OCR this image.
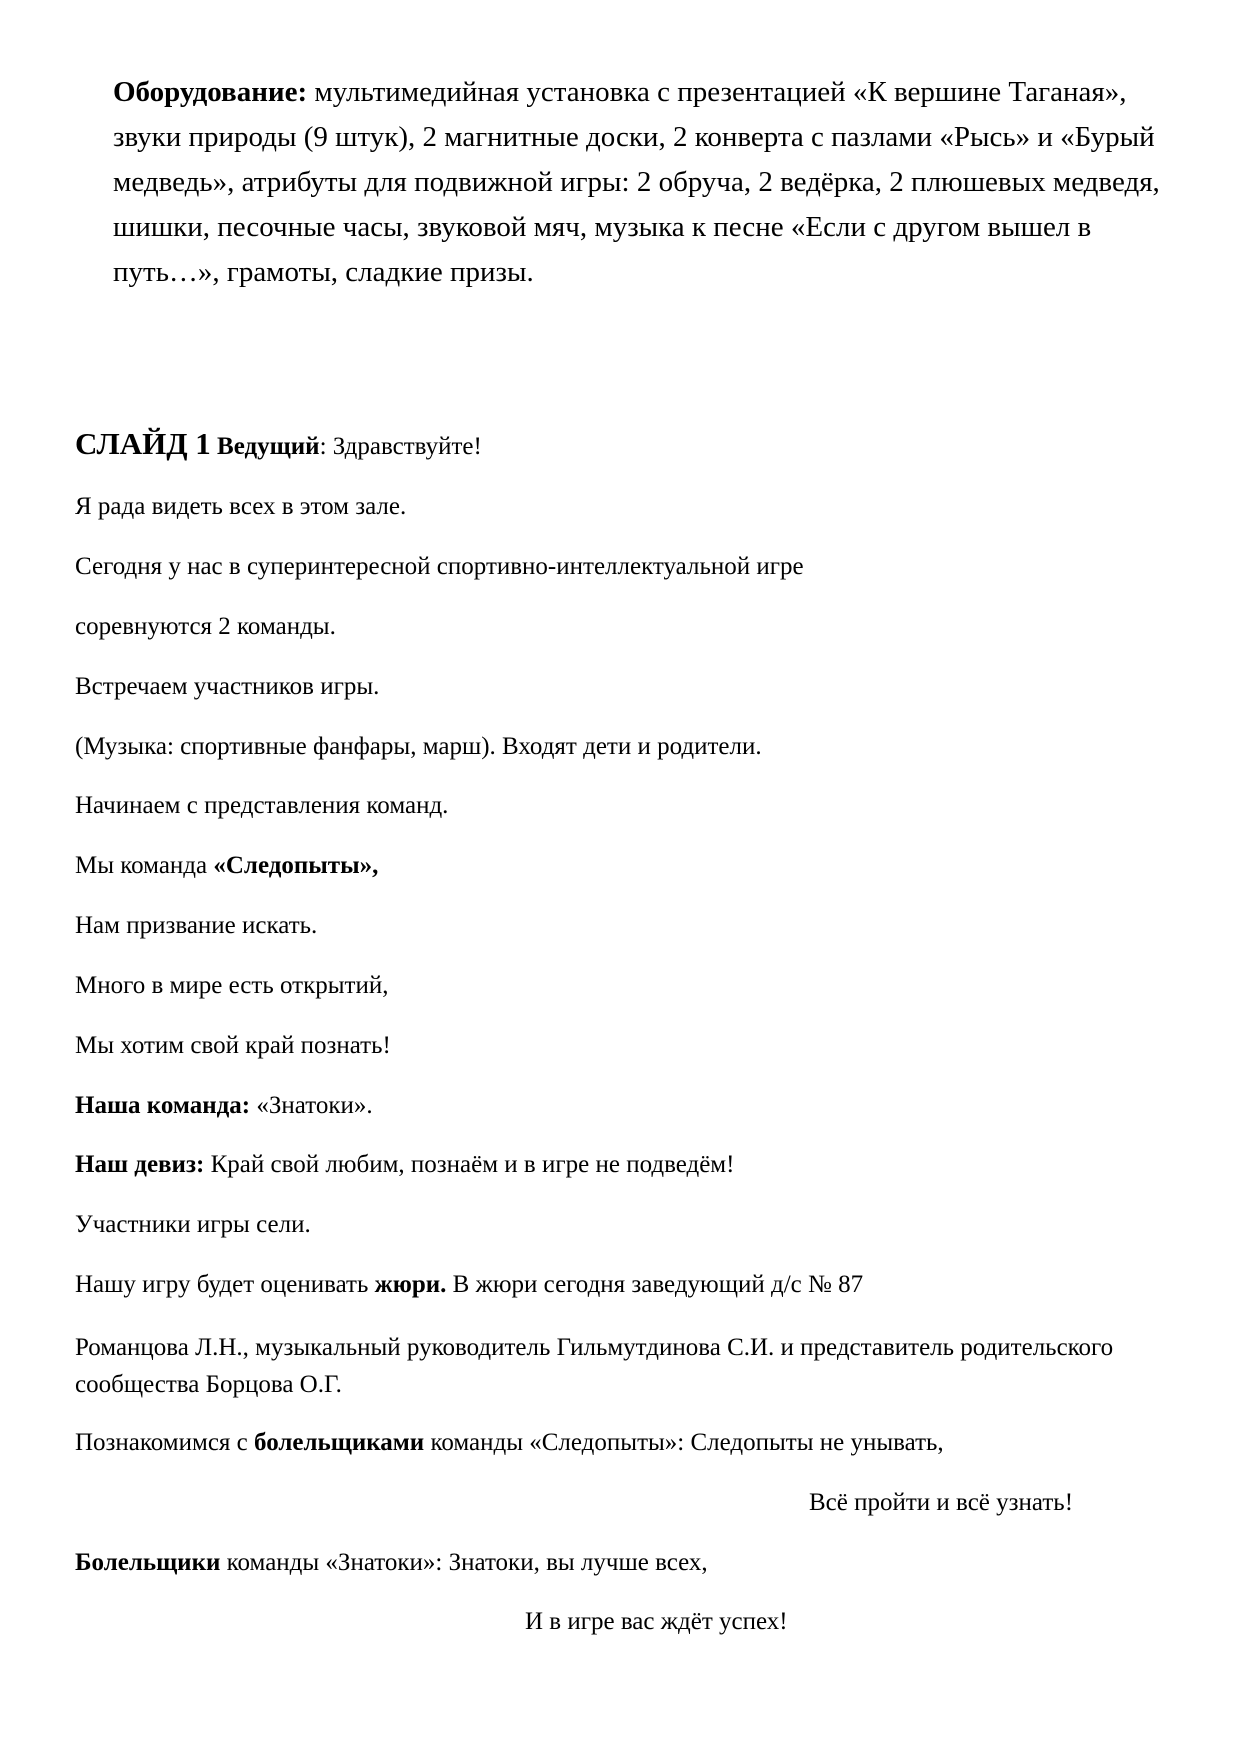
Оборудование: мультимедийная установка с презентацией «К вершине Таганая», звуки природы (9 штук), 2 магнитные доски, 2 конверта с пазлами «Рысь» и «Бурый медведь», атрибуты для подвижной игры: 2 обруча, 2 ведёрка, 2 плюшевых медведя, шишки, песочные часы, звуковой мяч, музыка к песне «Если с другом вышел в путь…», грамоты, сладкие призы.
СЛАЙД 1 Ведущий: Здравствуйте!
Я рада видеть всех в этом зале.
Сегодня у нас в суперинтересной спортивно-интеллектуальной игре
соревнуются 2 команды.
Встречаем участников игры.
(Музыка: спортивные фанфары, марш). Входят дети и родители.
Начинаем с представления команд.
Мы команда «Следопыты»,
Нам призвание искать.
Много в мире есть открытий,
Мы хотим свой край познать!
Наша команда: «Знатоки».
Наш девиз: Край свой любим, познаём и в игре не подведём!
Участники игры сели.
Нашу игру будет оценивать жюри. В жюри сегодня заведующий д/с № 87
Романцова Л.Н., музыкальный руководитель Гильмутдинова С.И. и представитель родительского сообщества Борцова О.Г.
Познакомимся с болельщиками команды «Следопыты»: Следопыты не унывать,
Всё пройти и всё узнать!
Болельщики команды «Знатоки»: Знатоки, вы лучше всех,
И в игре вас ждёт успех!
